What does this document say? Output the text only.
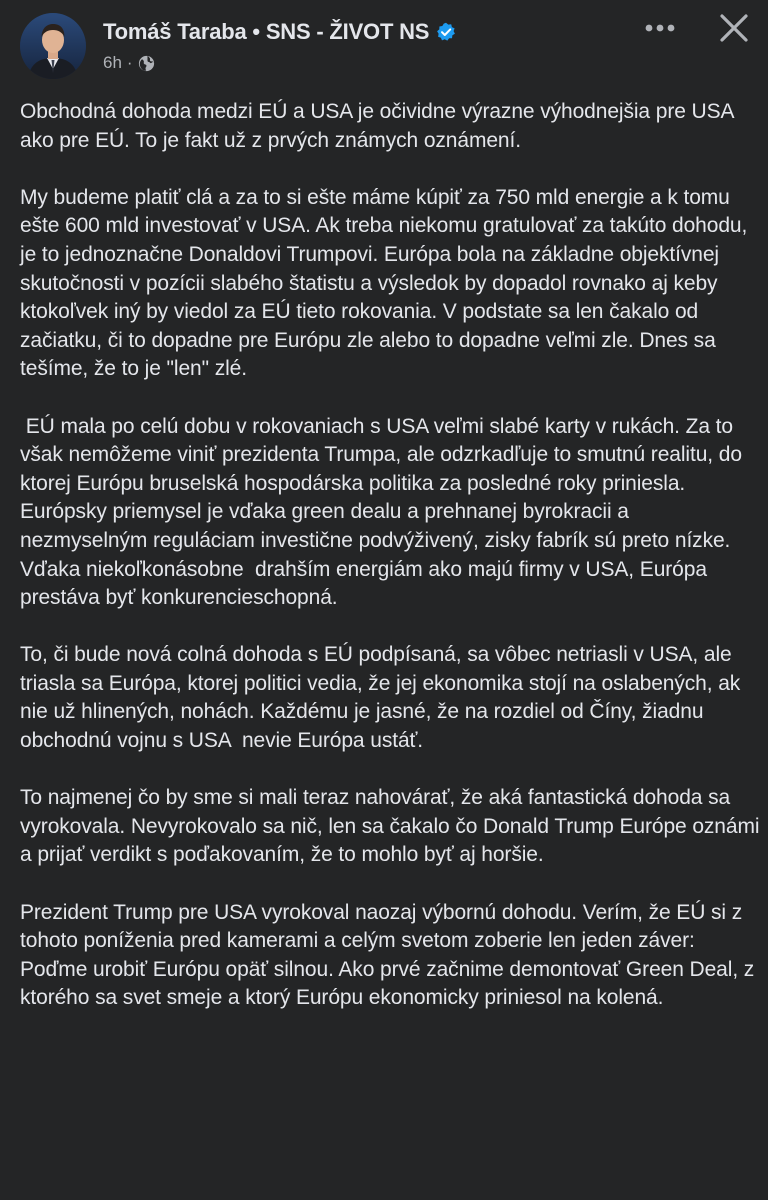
Tomáš Taraba • SNS - ŽIVOT NS
6h ·

Obchodná dohoda medzi EÚ a USA je očividne výrazne výhodnejšia pre USA ako pre EÚ. To je fakt už z prvých známych oznámení.

My budeme platiť clá a za to si ešte máme kúpiť za 750 mld energie a k tomu ešte 600 mld investovať v USA. Ak treba niekomu gratulovať za takúto dohodu, je to jednoznačne Donaldovi Trumpovi. Európa bola na základne objektívnej skutočnosti v pozícii slabého štatistu a výsledok by dopadol rovnako aj keby ktokoľvek iný by viedol za EÚ tieto rokovania. V podstate sa len čakalo od začiatku, či to dopadne pre Európu zle alebo to dopadne veľmi zle. Dnes sa tešíme, že to je "len" zlé.

EÚ mala po celú dobu v rokovaniach s USA veľmi slabé karty v rukách. Za to však nemôžeme viniť prezidenta Trumpa, ale odzrkadľuje to smutnú realitu, do ktorej Európu bruselská hospodárska politika za posledné roky priniesla. Európsky priemysel je vďaka green dealu a prehnanej byrokracii a nezmyselným reguláciam investične podvýživený, zisky fabrík sú preto nízke. Vďaka niekoľkonásobne  drahším energiám ako majú firmy v USA, Európa prestáva byť konkurencieschopná.

To, či bude nová colná dohoda s EÚ podpísaná, sa vôbec netriasli v USA, ale triasla sa Európa, ktorej politici vedia, že jej ekonomika stojí na oslabených, ak nie už hlinených, nohách. Každému je jasné, že na rozdiel od Číny, žiadnu obchodnú vojnu s USA  nevie Európa ustáť.

To najmenej čo by sme si mali teraz nahovárať, že aká fantastická dohoda sa vyrokovala. Nevyrokovalo sa nič, len sa čakalo čo Donald Trump Európe oznámi a prijať verdikt s poďakovaním, že to mohlo byť aj horšie.

Prezident Trump pre USA vyrokoval naozaj výbornú dohodu. Verím, že EÚ si z tohoto poníženia pred kamerami a celým svetom zoberie len jeden záver: Poďme urobiť Európu opäť silnou. Ako prvé začnime demontovať Green Deal, z ktorého sa svet smeje a ktorý Európu ekonomicky priniesol na kolená.
